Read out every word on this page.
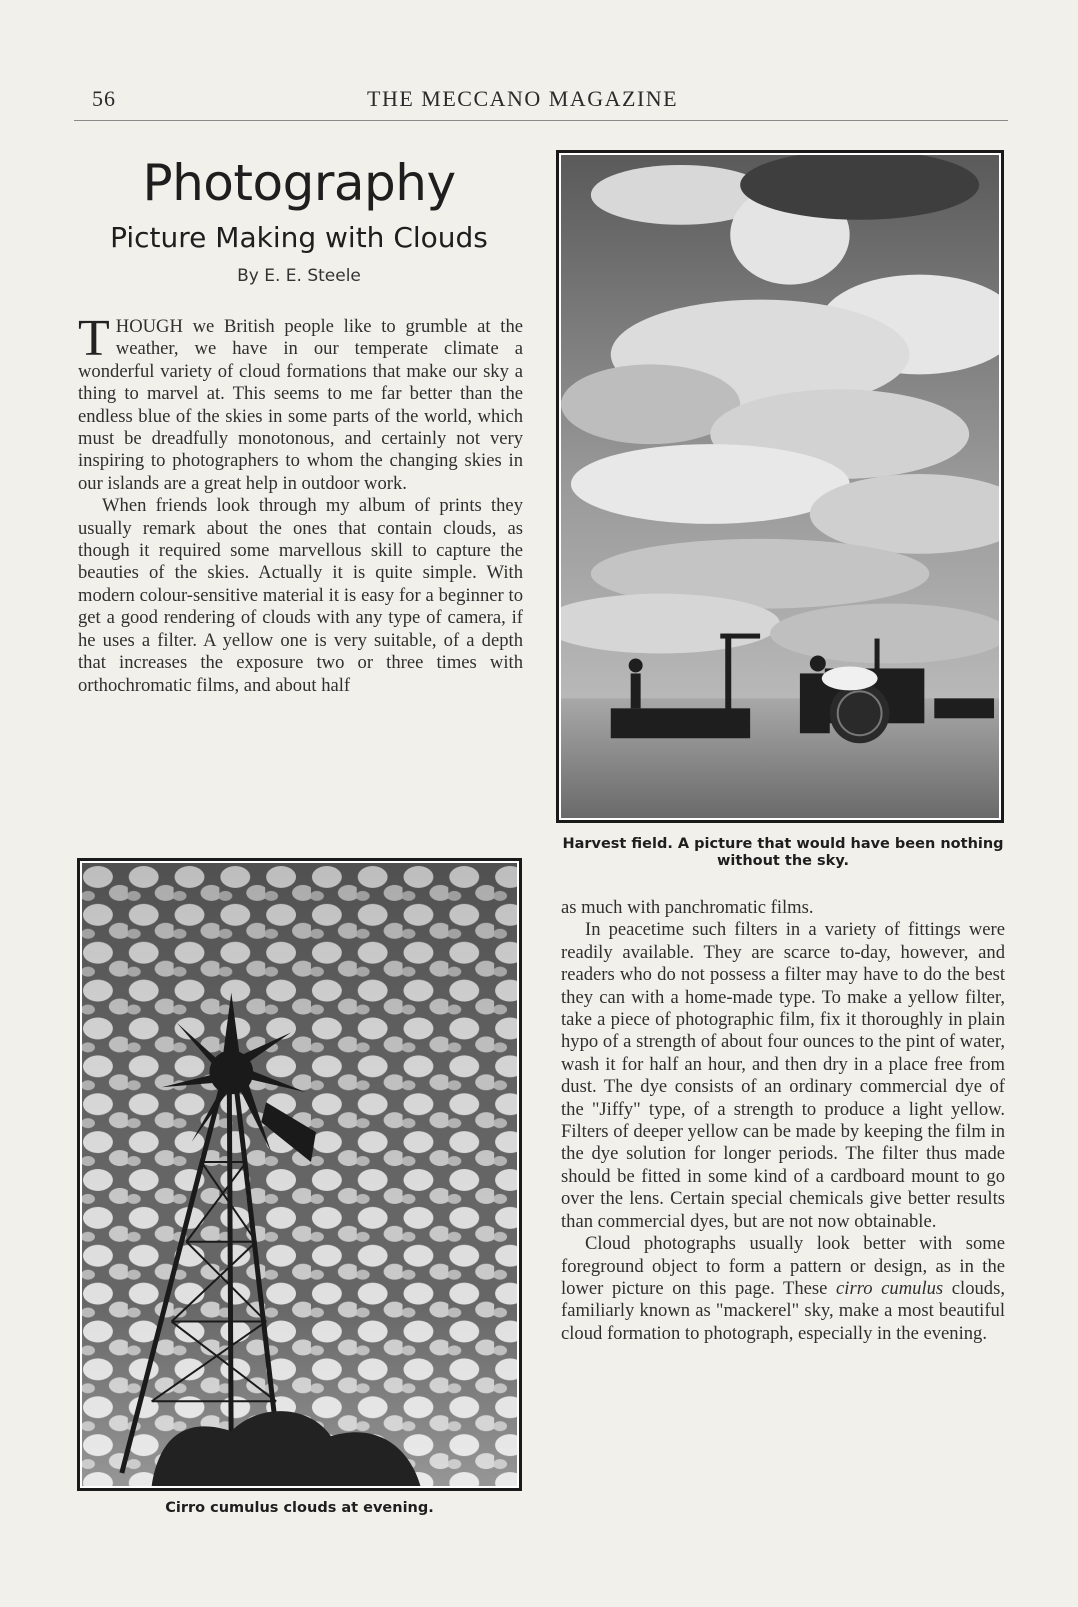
56	THE MECCANO MAGAZINE
Photography
Picture Making with Clouds
By E. E. Steele

THOUGH we British people like to grumble at the weather, we have in our temperate climate a wonderful variety of cloud formations that make our sky a thing to marvel at. This seems to me far better than the endless blue of the skies in some parts of the world, which must be dreadfully monotonous, and certainly not very inspiring to photographers to whom the changing skies in our islands are a great help in outdoor work.

When friends look through my album of prints they usually remark about the ones that contain clouds, as though it required some marvellous skill to capture the beauties of the skies. Actually it is quite simple. With modern colour-sensitive material it is easy for a beginner to get a good rendering of clouds with any type of camera, if he uses a filter. A yellow one is very suitable, of a depth that increases the exposure two or three times with orthochromatic films, and about half

Harvest field. A picture that would have been nothing without the sky.
Cirro cumulus clouds at evening.

as much with panchromatic films.

In peacetime such filters in a variety of fittings were readily available. They are scarce to-day, however, and readers who do not possess a filter may have to do the best they can with a home-made type. To make a yellow filter, take a piece of photographic film, fix it thoroughly in plain hypo of a strength of about four ounces to the pint of water, wash it for half an hour, and then dry in a place free from dust. The dye consists of an ordinary commercial dye of the "Jiffy" type, of a strength to produce a light yellow. Filters of deeper yellow can be made by keeping the film in the dye solution for longer periods. The filter thus made should be fitted in some kind of a cardboard mount to go over the lens. Certain special chemicals give better results than commercial dyes, but are not now obtainable.

Cloud photographs usually look better with some foreground object to form a pattern or design, as in the lower picture on this page. These cirro cumulus clouds, familiarly known as "mackerel" sky, make a most beautiful cloud formation to photograph, especially in the evening.
